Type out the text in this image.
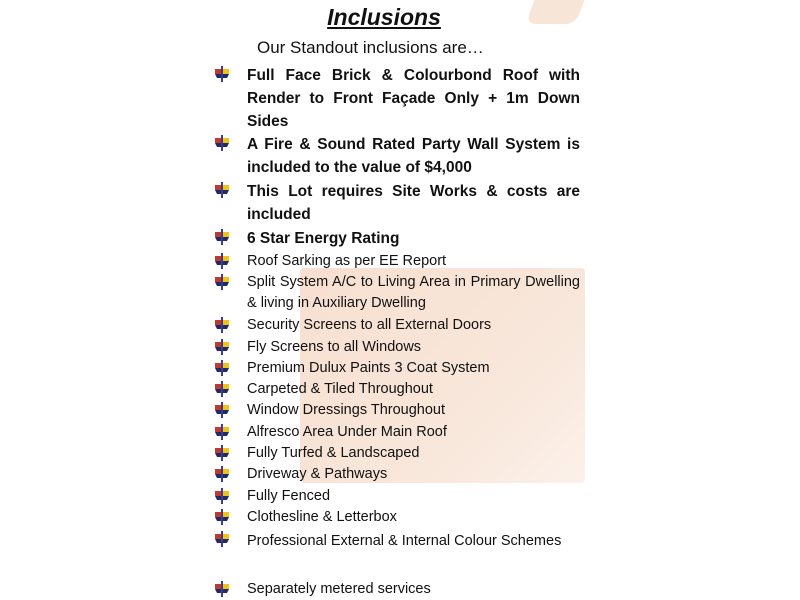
Inclusions

Our Standout inclusions are…

Full Face Brick & Colourbond Roof with Render to Front Façade Only + 1m Down Sides
A Fire & Sound Rated Party Wall System is included to the value of $4,000
This Lot requires Site Works & costs are included
6 Star Energy Rating
Roof Sarking as per EE Report
Split System A/C to Living Area in Primary Dwelling & living in Auxiliary Dwelling
Security Screens to all External Doors
Fly Screens to all Windows
Premium Dulux Paints 3 Coat System
Carpeted & Tiled Throughout
Window Dressings Throughout
Alfresco Area Under Main Roof
Fully Turfed & Landscaped
Driveway & Pathways
Fully Fenced
Clothesline & Letterbox
Professional External & Internal Colour Schemes
Separately metered services
